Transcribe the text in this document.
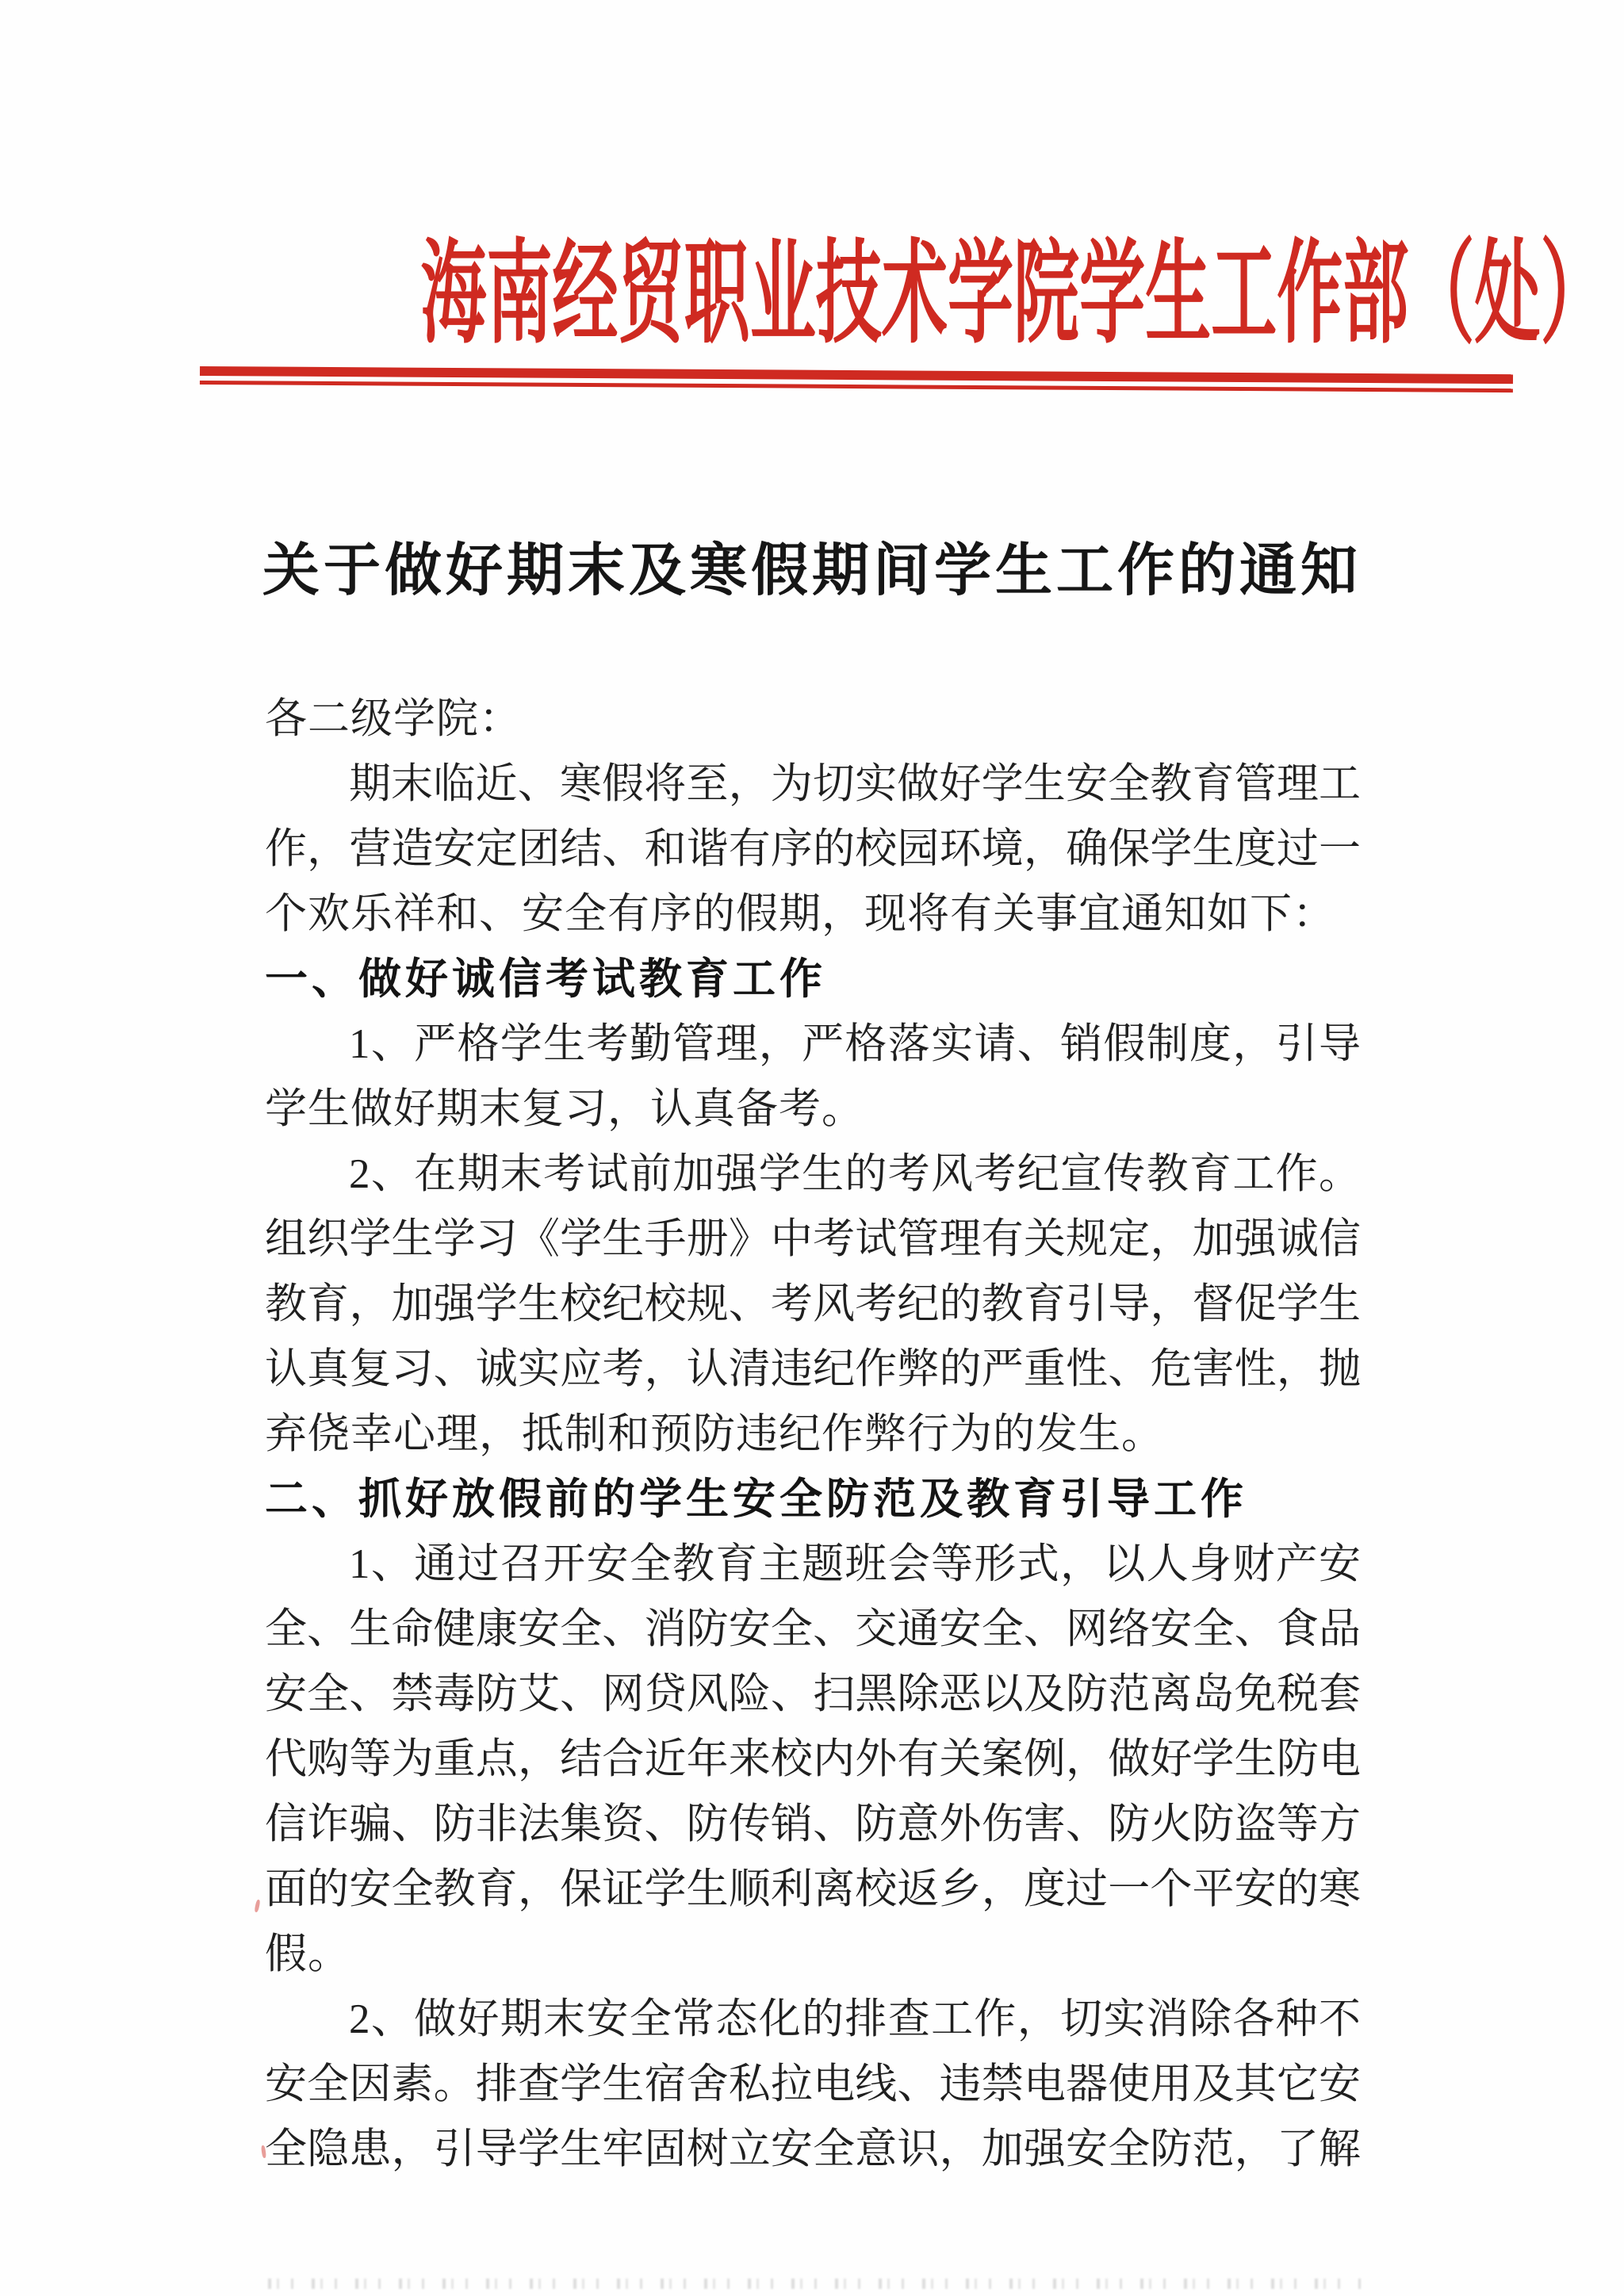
海南经贸职业技术学院学生工作部（处）
关于做好期末及寒假期间学生工作的通知
各二级学院：
期末临近、寒假将至，为切实做好学生安全教育管理工
作，营造安定团结、和谐有序的校园环境，确保学生度过一
个欢乐祥和、安全有序的假期，现将有关事宜通知如下：
一、做好诚信考试教育工作
1、严格学生考勤管理，严格落实请、销假制度，引导
学生做好期末复习，认真备考。
2、在期末考试前加强学生的考风考纪宣传教育工作。
组织学生学习《学生手册》中考试管理有关规定，加强诚信
教育，加强学生校纪校规、考风考纪的教育引导，督促学生
认真复习、诚实应考，认清违纪作弊的严重性、危害性，抛
弃侥幸心理，抵制和预防违纪作弊行为的发生。
二、抓好放假前的学生安全防范及教育引导工作
1、通过召开安全教育主题班会等形式，以人身财产安
全、生命健康安全、消防安全、交通安全、网络安全、食品
安全、禁毒防艾、网贷风险、扫黑除恶以及防范离岛免税套
代购等为重点，结合近年来校内外有关案例，做好学生防电
信诈骗、防非法集资、防传销、防意外伤害、防火防盗等方
面的安全教育，保证学生顺利离校返乡，度过一个平安的寒
假。
2、做好期末安全常态化的排查工作，切实消除各种不
安全因素。排查学生宿舍私拉电线、违禁电器使用及其它安
全隐患，引导学生牢固树立安全意识，加强安全防范，了解
